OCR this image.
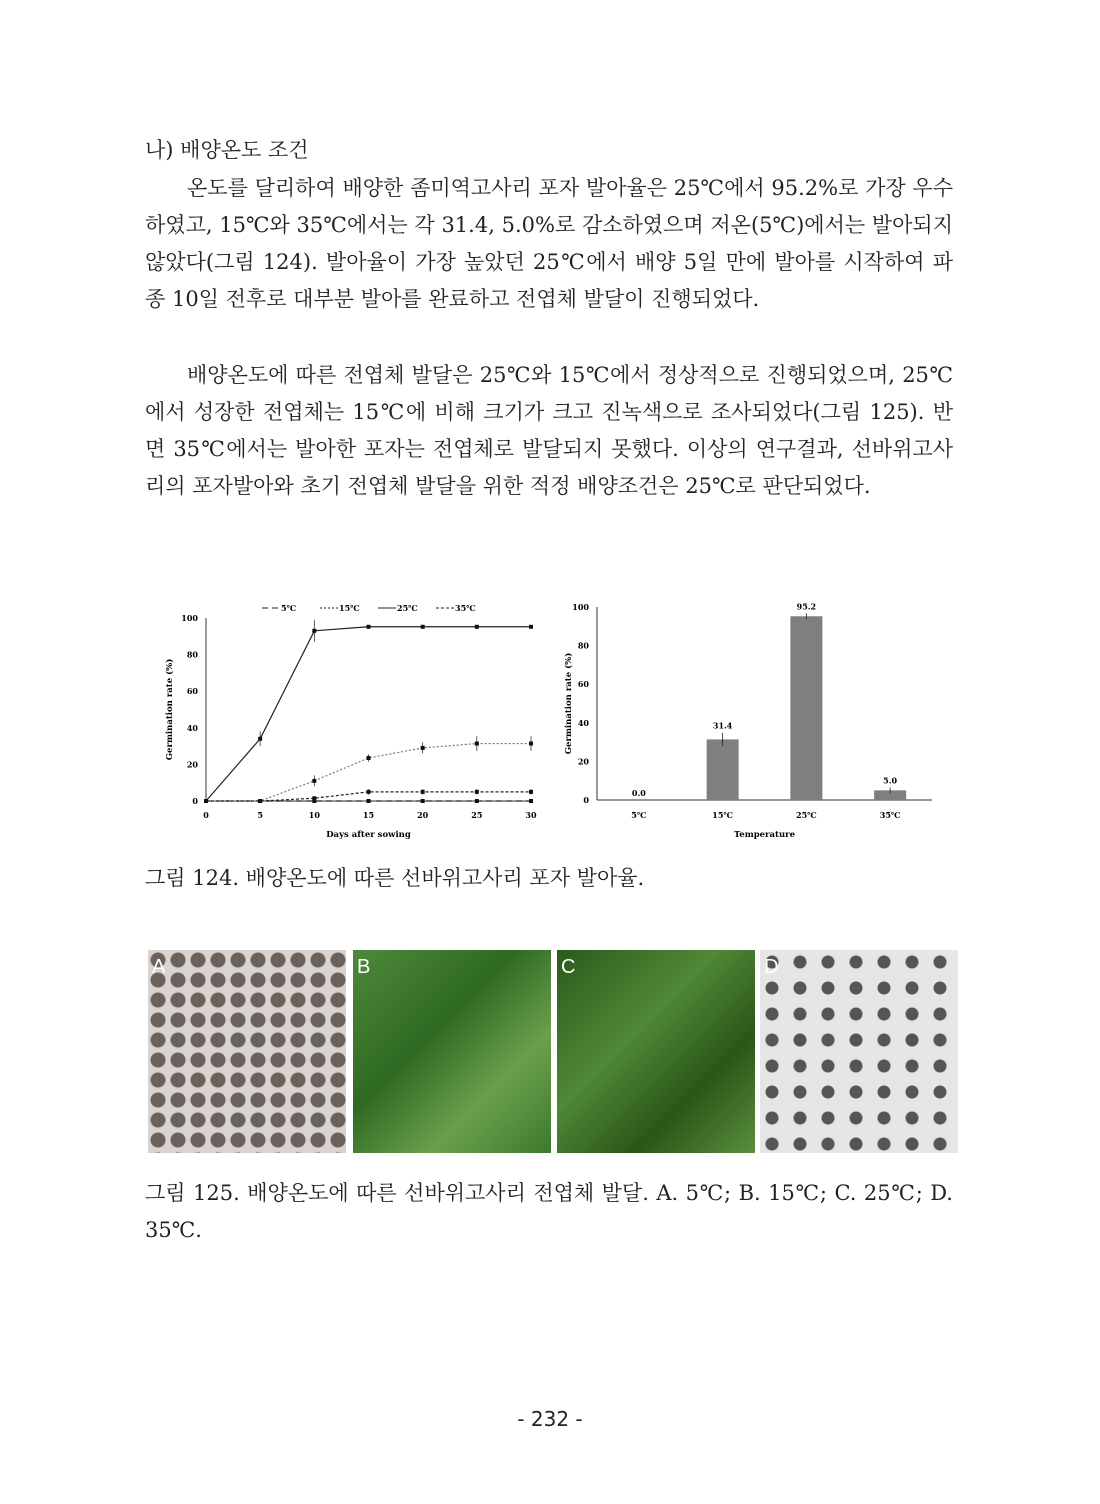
나) 배양온도 조건

온도를 달리하여 배양한 좀미역고사리 포자 발아율은 25℃에서 95.2%로 가장 우수하였고, 15℃와 35℃에서는 각 31.4, 5.0%로 감소하였으며 저온(5℃)에서는 발아되지 않았다(그림 124). 발아율이 가장 높았던 25℃에서 배양 5일 만에 발아를 시작하여 파종 10일 전후로 대부분 발아를 완료하고 전엽체 발달이 진행되었다.

배양온도에 따른 전엽체 발달은 25℃와 15℃에서 정상적으로 진행되었으며, 25℃에서 성장한 전엽체는 15℃에 비해 크기가 크고 진녹색으로 조사되었다(그림 125). 반면 35℃에서는 발아한 포자는 전엽체로 발달되지 못했다. 이상의 연구결과, 선바위고사리의 포자발아와 초기 전엽체 발달을 위한 적정 배양조건은 25℃로 판단되었다.

0
20
40
60
80
100
0	5	10	15	20	25	30
Days after sowing
Germination rate (%)
5℃	15℃	25℃	35℃
0
20
40
60
80
100
0.0
5℃
31.4
15℃
95.2
25℃
5.0
35℃
Temperature
Germination rate (%)

그림 124. 배양온도에 따른 선바위고사리 포자 발아율.

A	B	C	D

그림 125. 배양온도에 따른 선바위고사리 전엽체 발달. A. 5℃; B. 15℃; C. 25℃; D. 35℃.

- 232 -
